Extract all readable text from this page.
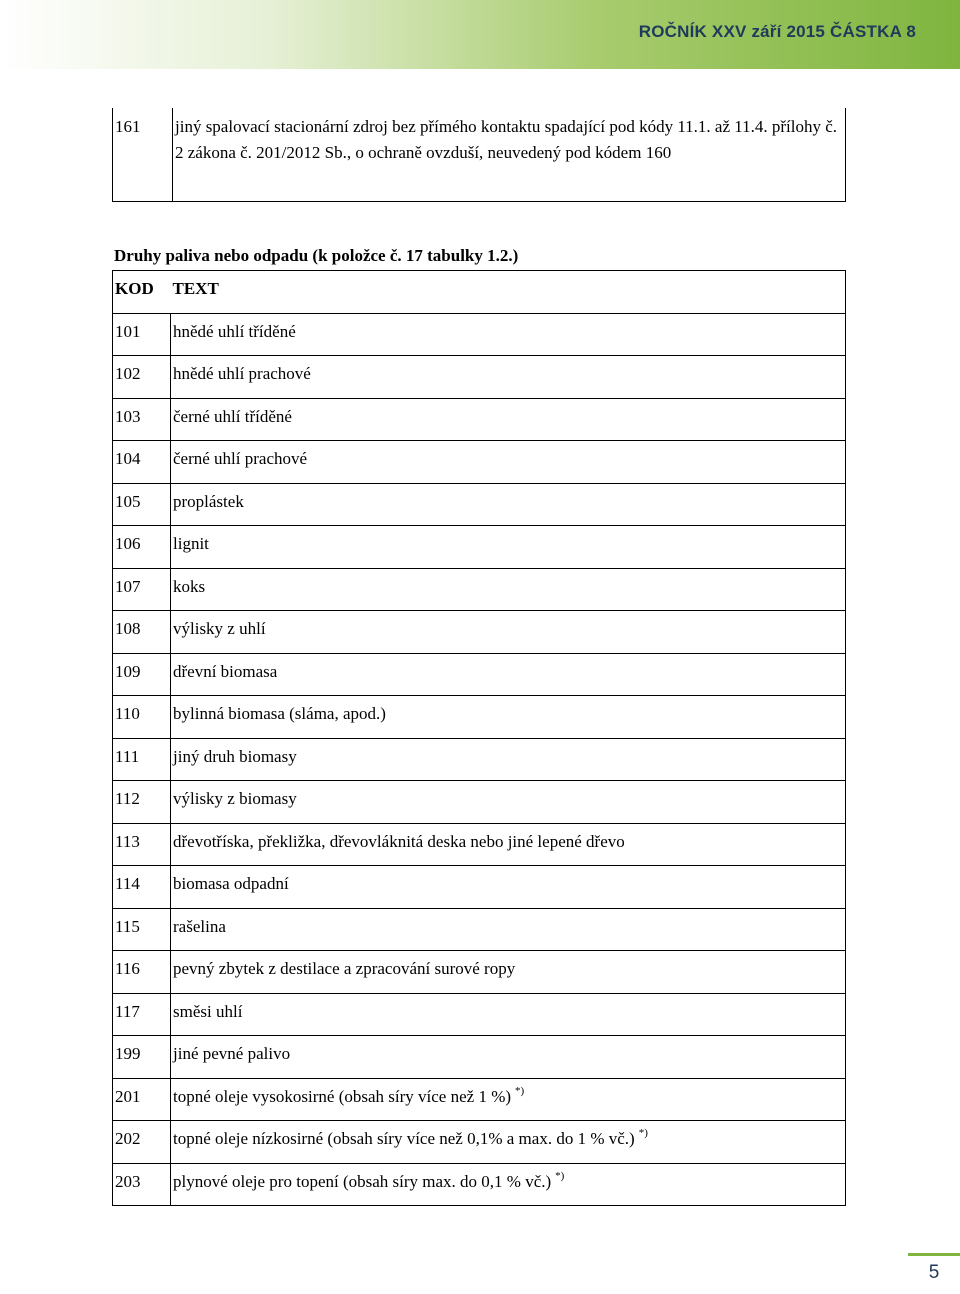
ROČNÍK XXV září 2015 ČÁSTKA 8
161	jiný spalovací stacionární zdroj bez přímého kontaktu spadající pod kódy 11.1. až 11.4. přílohy č. 2 zákona č. 201/2012 Sb., o ochraně ovzduší, neuvedený pod kódem 160
Druhy paliva nebo odpadu (k položce č. 17 tabulky 1.2.)
KOD	TEXT
101	hnědé uhlí tříděné
102	hnědé uhlí prachové
103	černé uhlí tříděné
104	černé uhlí prachové
105	proplástek
106	lignit
107	koks
108	výlisky z uhlí
109	dřevní biomasa
110	bylinná biomasa (sláma, apod.)
111	jiný druh biomasy
112	výlisky z biomasy
113	dřevotříska, překližka, dřevovláknitá deska nebo jiné lepené dřevo
114	biomasa odpadní
115	rašelina
116	pevný zbytek z destilace a zpracování surové ropy
117	směsi uhlí
199	jiné pevné palivo
201	topné oleje vysokosirné (obsah síry více než 1 %) *)
202	topné oleje nízkosirné (obsah síry více než 0,1% a max. do 1 % vč.) *)
203	plynové oleje pro topení (obsah síry max. do 0,1 % vč.) *)
5
